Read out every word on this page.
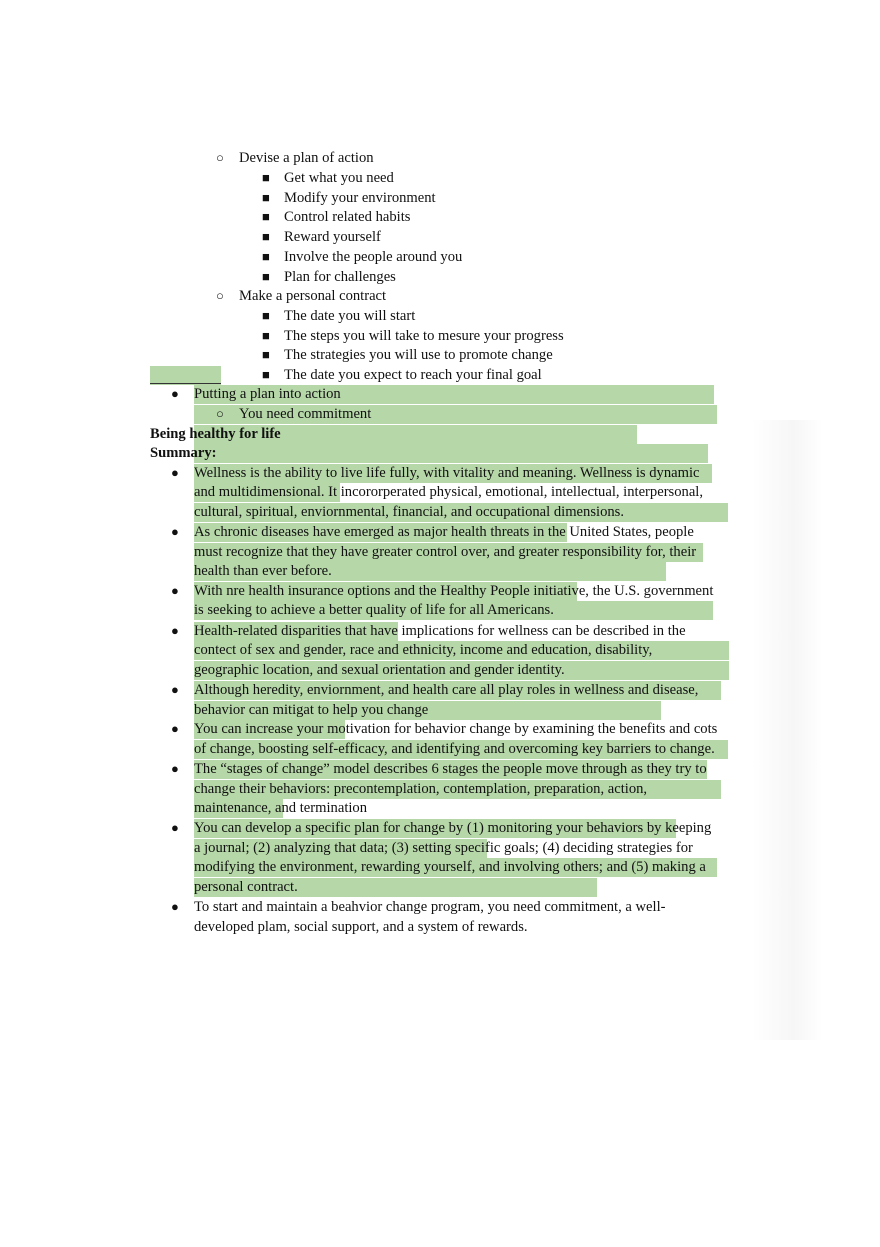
○ Devise a plan of action
■ Get what you need
■ Modify your environment
■ Control related habits
■ Reward yourself
■ Involve the people around you
■ Plan for challenges
○ Make a personal contract
■ The date you will start
■ The steps you will take to mesure your progress
■ The strategies you will use to promote change
■ The date you expect to reach your final goal
● Putting a plan into action
○ You need commitment
Being healthy for life
Summary:
● Wellness is the ability to live life fully, with vitality and meaning. Wellness is dynamic
and multidimensional. It incororperated physical, emotional, intellectual, interpersonal,
cultural, spiritual, enviornmental, financial, and occupational dimensions.
● As chronic diseases have emerged as major health threats in the United States, people
must recognize that they have greater control over, and greater responsibility for, their
health than ever before.
● With nre health insurance options and the Healthy People initiative, the U.S. government
is seeking to achieve a better quality of life for all Americans.
● Health-related disparities that have implications for wellness can be described in the
contect of sex and gender, race and ethnicity, income and education, disability,
geographic location, and sexual orientation and gender identity.
● Although heredity, enviornment, and health care all play roles in wellness and disease,
behavior can mitigat to help you change
● You can increase your motivation for behavior change by examining the benefits and cots
of change, boosting self-efficacy, and identifying and overcoming key barriers to change.
● The “stages of change” model describes 6 stages the people move through as they try to
change their behaviors: precontemplation, contemplation, preparation, action,
maintenance, and termination
● You can develop a specific plan for change by (1) monitoring your behaviors by keeping
a journal; (2) analyzing that data; (3) setting specific goals; (4) deciding strategies for
modifying the environment, rewarding yourself, and involving others; and (5) making a
personal contract.
● To start and maintain a beahvior change program, you need commitment, a well-
developed plam, social support, and a system of rewards.
